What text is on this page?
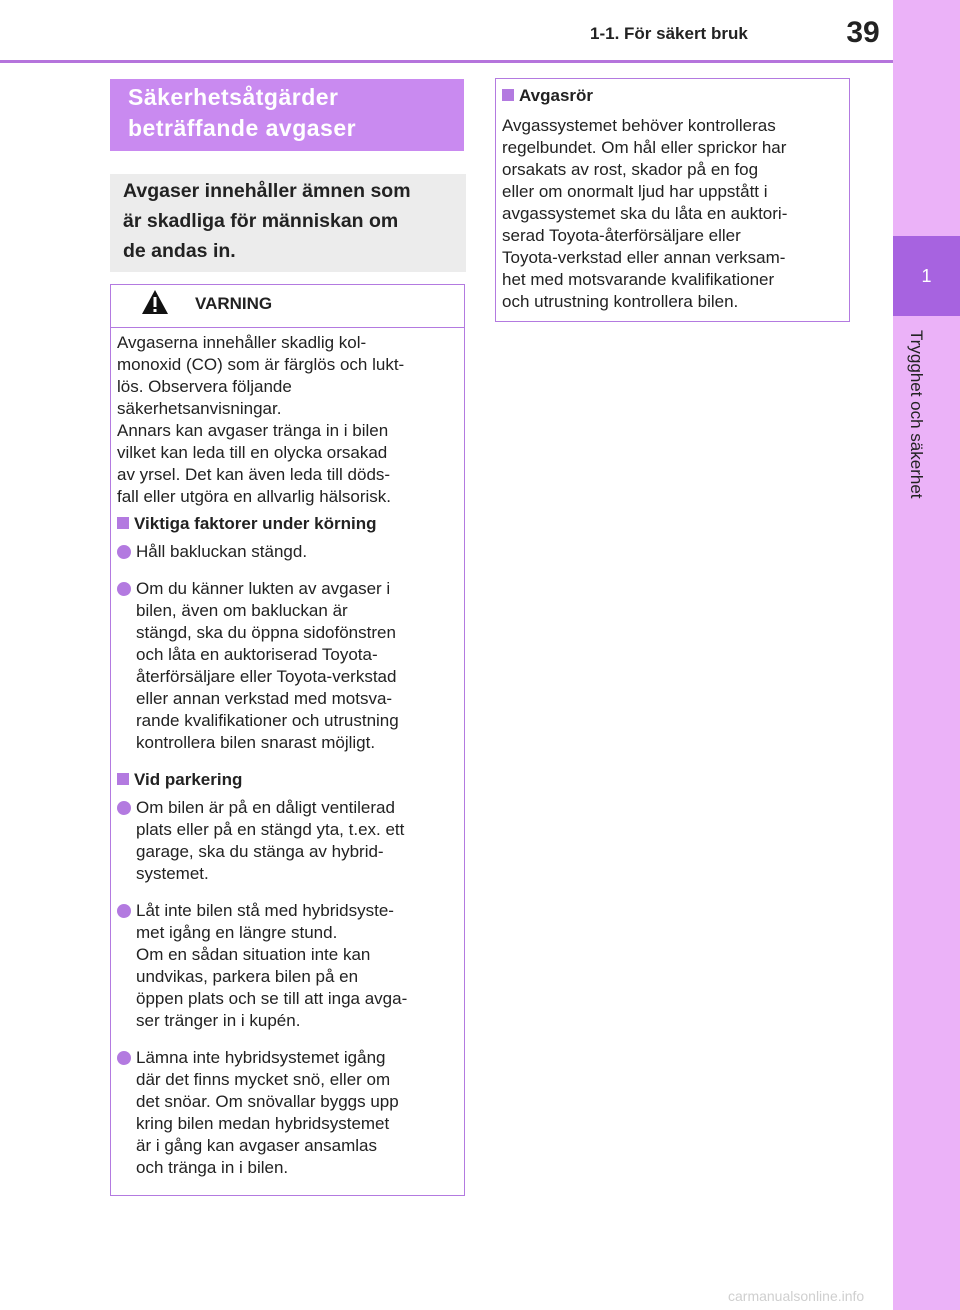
1-1. För säkert bruk	39
1
Trygghet och säkerhet
Säkerhetsåtgärder
beträffande avgaser
Avgaser innehåller ämnen som
är skadliga för människan om
de andas in.
VARNING

Avgaserna innehåller skadlig kol-
monoxid (CO) som är färglös och lukt-
lös. Observera följande
säkerhetsanvisningar.
Annars kan avgaser tränga in i bilen
vilket kan leda till en olycka orsakad
av yrsel. Det kan även leda till döds-
fall eller utgöra en allvarlig hälsorisk.

Viktiga faktorer under körning
Håll bakluckan stängd.
Om du känner lukten av avgaser i
bilen, även om bakluckan är
stängd, ska du öppna sidofönstren
och låta en auktoriserad Toyota-
återförsäljare eller Toyota-verkstad
eller annan verkstad med motsva-
rande kvalifikationer och utrustning
kontrollera bilen snarast möjligt.
Vid parkering
Om bilen är på en dåligt ventilerad
plats eller på en stängd yta, t.ex. ett
garage, ska du stänga av hybrid-
systemet.
Låt inte bilen stå med hybridsyste-
met igång en längre stund.
Om en sådan situation inte kan
undvikas, parkera bilen på en
öppen plats och se till att inga avga-
ser tränger in i kupén.
Lämna inte hybridsystemet igång
där det finns mycket snö, eller om
det snöar. Om snövallar byggs upp
kring bilen medan hybridsystemet
är i gång kan avgaser ansamlas
och tränga in i bilen.
Avgasrör
Avgassystemet behöver kontrolleras
regelbundet. Om hål eller sprickor har
orsakats av rost, skador på en fog
eller om onormalt ljud har uppstått i
avgassystemet ska du låta en auktori-
serad Toyota-återförsäljare eller
Toyota-verkstad eller annan verksam-
het med motsvarande kvalifikationer
och utrustning kontrollera bilen.
carmanualsonline.info
